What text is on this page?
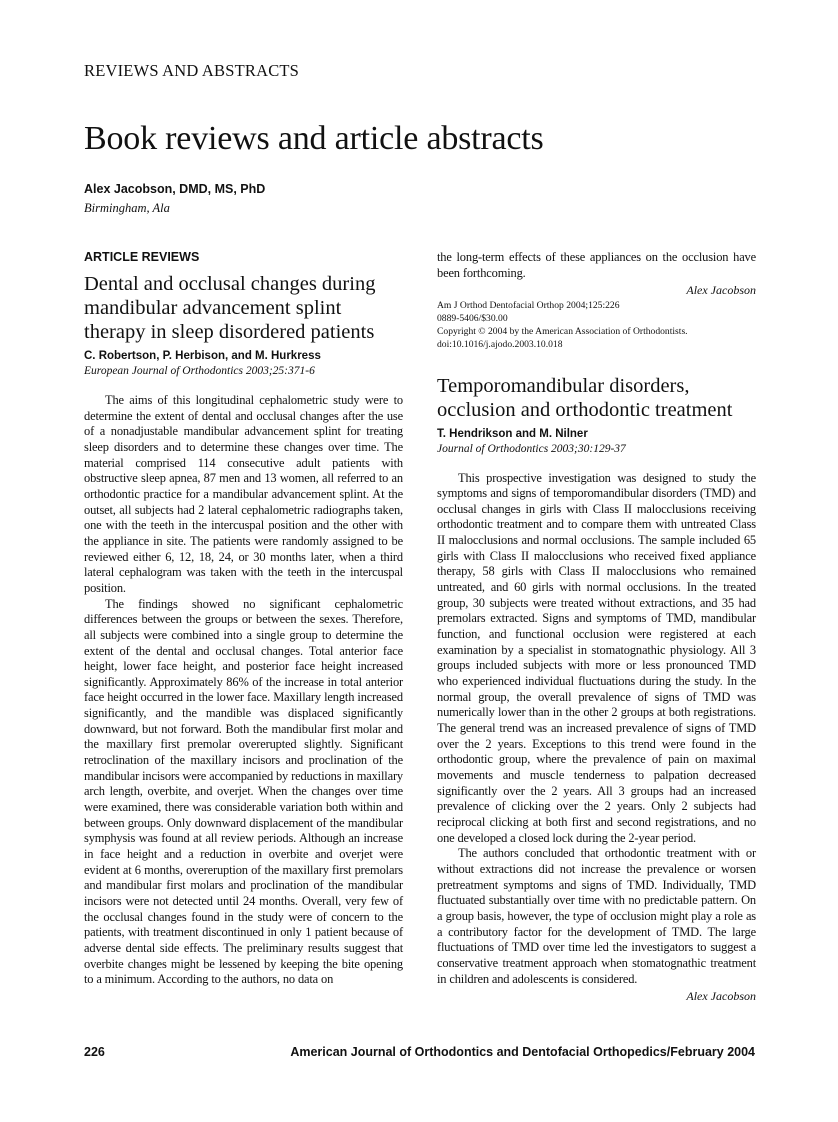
REVIEWS AND ABSTRACTS
Book reviews and article abstracts
Alex Jacobson, DMD, MS, PhD
Birmingham, Ala
ARTICLE REVIEWS
Dental and occlusal changes during mandibular advancement splint therapy in sleep disordered patients
C. Robertson, P. Herbison, and M. Hurkress
European Journal of Orthodontics 2003;25:371-6

The aims of this longitudinal cephalometric study were to determine the extent of dental and occlusal changes after the use of a nonadjustable mandibular advancement splint for treating sleep disorders and to determine these changes over time. The material comprised 114 consecutive adult patients with obstructive sleep apnea, 87 men and 13 women, all referred to an orthodontic practice for a mandibular advancement splint. At the outset, all subjects had 2 lateral cephalometric radiographs taken, one with the teeth in the intercuspal position and the other with the appliance in site. The patients were randomly assigned to be reviewed either 6, 12, 18, 24, or 30 months later, when a third lateral cephalogram was taken with the teeth in the intercuspal position.

The findings showed no significant cephalometric differences between the groups or between the sexes. Therefore, all subjects were combined into a single group to determine the extent of the dental and occlusal changes. Total anterior face height, lower face height, and posterior face height increased significantly. Approximately 86% of the increase in total anterior face height occurred in the lower face. Maxillary length increased significantly, and the mandible was displaced significantly downward, but not forward. Both the mandibular first molar and the maxillary first premolar overerupted slightly. Significant retroclination of the maxillary incisors and proclination of the mandibular incisors were accompanied by reductions in maxillary arch length, overbite, and overjet. When the changes over time were examined, there was considerable variation both within and between groups. Only downward displacement of the mandibular symphysis was found at all review periods. Although an increase in face height and a reduction in overbite and overjet were evident at 6 months, overeruption of the maxillary first premolars and mandibular first molars and proclination of the mandibular incisors were not detected until 24 months. Overall, very few of the occlusal changes found in the study were of concern to the patients, with treatment discontinued in only 1 patient because of adverse dental side effects. The preliminary results suggest that overbite changes might be lessened by keeping the bite opening to a minimum. According to the authors, no data on

the long-term effects of these appliances on the occlusion have been forthcoming.

Alex Jacobson

Am J Orthod Dentofacial Orthop 2004;125:226

0889-5406/$30.00

Copyright © 2004 by the American Association of Orthodontists.

doi:10.1016/j.ajodo.2003.10.018

Temporomandibular disorders, occlusion and orthodontic treatment
T. Hendrikson and M. Nilner
Journal of Orthodontics 2003;30:129-37

This prospective investigation was designed to study the symptoms and signs of temporomandibular disorders (TMD) and occlusal changes in girls with Class II malocclusions receiving orthodontic treatment and to compare them with untreated Class II malocclusions and normal occlusions. The sample included 65 girls with Class II malocclusions who received fixed appliance therapy, 58 girls with Class II malocclusions who remained untreated, and 60 girls with normal occlusions. In the treated group, 30 subjects were treated without extractions, and 35 had premolars extracted. Signs and symptoms of TMD, mandibular function, and functional occlusion were registered at each examination by a specialist in stomatognathic physiology. All 3 groups included subjects with more or less pronounced TMD who experienced individual fluctuations during the study. In the normal group, the overall prevalence of signs of TMD was numerically lower than in the other 2 groups at both registrations. The general trend was an increased prevalence of signs of TMD over the 2 years. Exceptions to this trend were found in the orthodontic group, where the prevalence of pain on maximal movements and muscle tenderness to palpation decreased significantly over the 2 years. All 3 groups had an increased prevalence of clicking over the 2 years. Only 2 subjects had reciprocal clicking at both first and second registrations, and no one developed a closed lock during the 2-year period.

The authors concluded that orthodontic treatment with or without extractions did not increase the prevalence or worsen pretreatment symptoms and signs of TMD. Individually, TMD fluctuated substantially over time with no predictable pattern. On a group basis, however, the type of occlusion might play a role as a contributory factor for the development of TMD. The large fluctuations of TMD over time led the investigators to suggest a conservative treatment approach when stomatognathic treatment in children and adolescents is considered.

Alex Jacobson
226	American Journal of Orthodontics and Dentofacial Orthopedics/February 2004
